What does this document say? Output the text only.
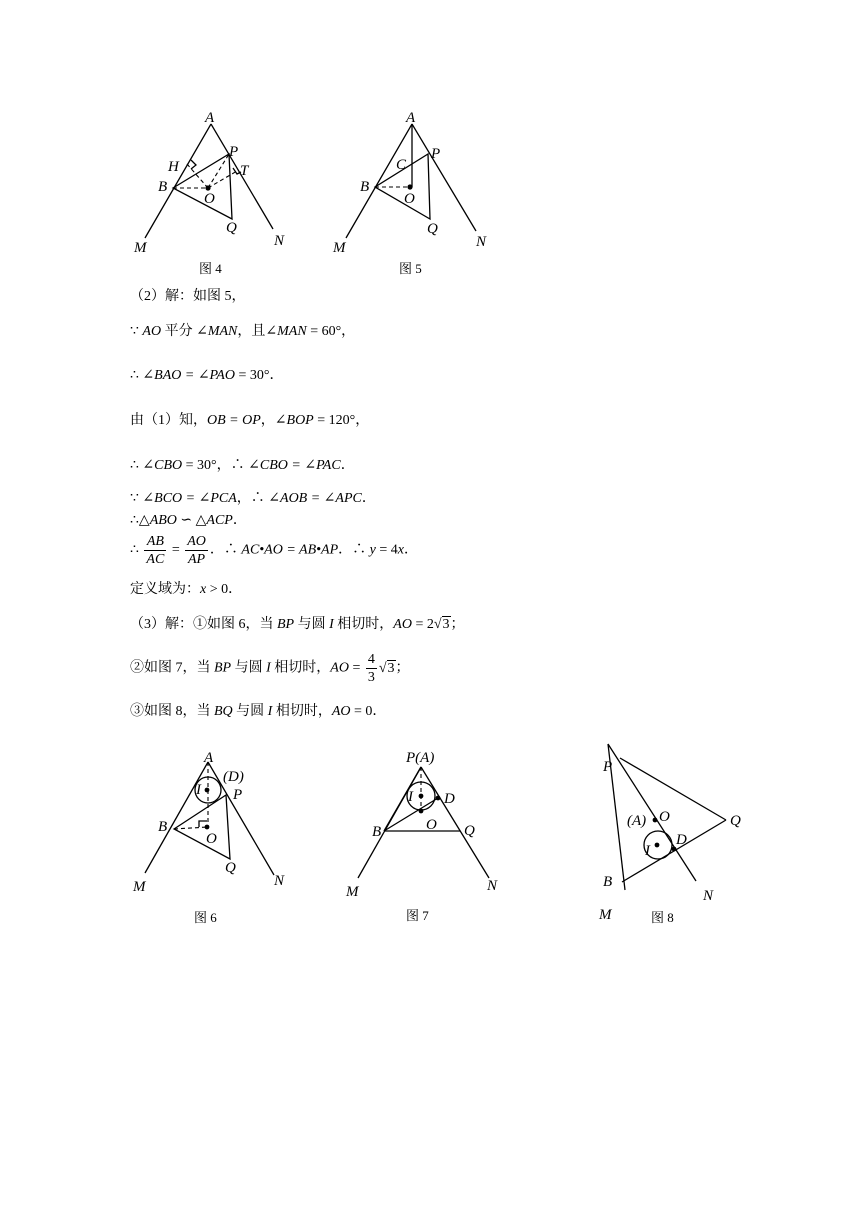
A
P
H	T
B
O
Q
M	N
图 4
A
P
C
B
O
Q
M	N
图 5
（2）解：如图 5，
∵ AO 平分 ∠MAN，且∠MAN = 60°，
∴ ∠BAO = ∠PAO = 30°．
由（1）知，OB = OP，∠BOP = 120°，
∴ ∠CBO = 30°，∴ ∠CBO = ∠PAC．
∵ ∠BCO = ∠PCA，∴ ∠AOB = ∠APC．
∴△ABO ∽ △ACP．
∴ $\frac{AB}{AC} = \frac{AO}{AP}$ ．∴ AC•AO = AB•AP．∴ y = 4x．
定义域为：x > 0．
（3）解：①如图 6，当 BP 与圆 I 相切时，AO = 2√3；
②如图 7，当 BP 与圆 I 相切时，AO = $\frac{4}{3} √3$；
③如图 8，当 BQ 与圆 I 相切时，AO = 0．
A
(D)
P
I
B
O
Q
M	N
图 6
P(A)
I D
B	O Q
M	N
图 7
P
O
(A)	Q
D
I
B
M
N
图 8
